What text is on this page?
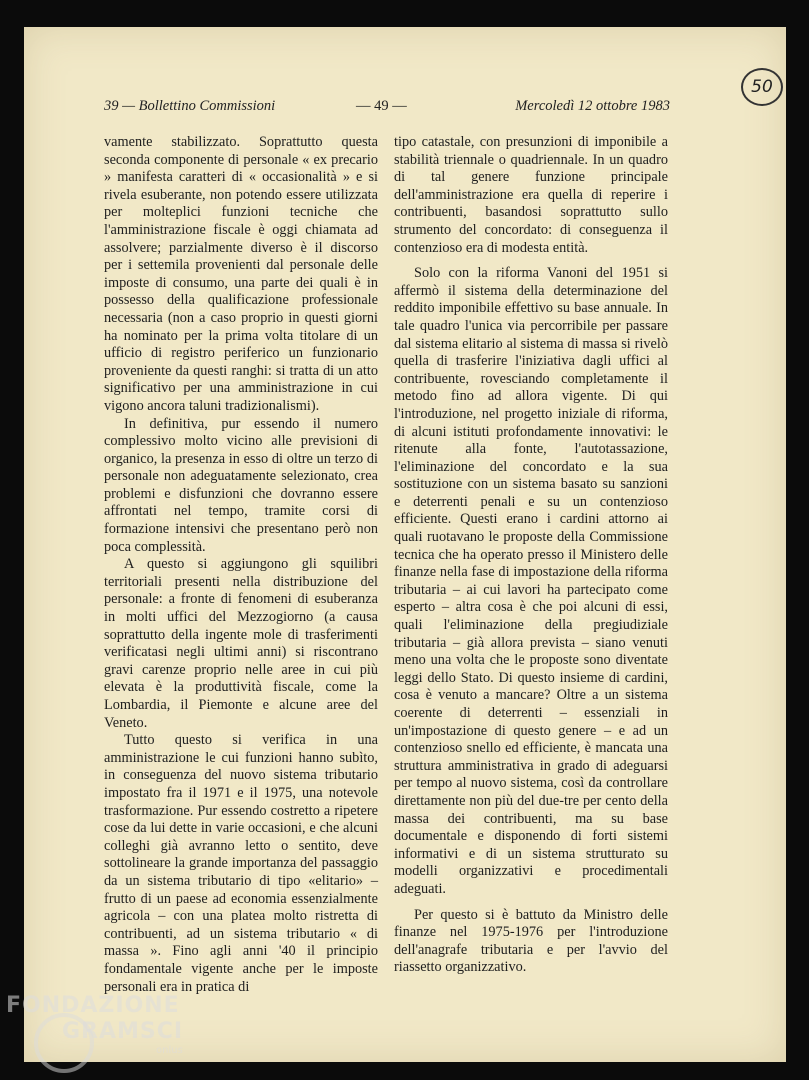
50
39 — Bollettino Commissioni	— 49 —	Mercoledì 12 ottobre 1983

vamente stabilizzato. Soprattutto questa seconda componente di personale « ex precario » manifesta caratteri di « occasionalità » e si rivela esuberante, non potendo essere utilizzata per molteplici funzioni tecniche che l'amministrazione fiscale è oggi chiamata ad assolvere; parzialmente diverso è il discorso per i settemila provenienti dal personale delle imposte di consumo, una parte dei quali è in possesso della qualificazione professionale necessaria (non a caso proprio in questi giorni ha nominato per la prima volta titolare di un ufficio di registro periferico un funzionario proveniente da questi ranghi: si tratta di un atto significativo per una amministrazione in cui vigono ancora taluni tradizionalismi).

In definitiva, pur essendo il numero complessivo molto vicino alle previsioni di organico, la presenza in esso di oltre un terzo di personale non adeguatamente selezionato, crea problemi e disfunzioni che dovranno essere affrontati nel tempo, tramite corsi di formazione intensivi che presentano però non poca complessità.

A questo si aggiungono gli squilibri territoriali presenti nella distribuzione del personale: a fronte di fenomeni di esuberanza in molti uffici del Mezzogiorno (a causa soprattutto della ingente mole di trasferimenti verificatasi negli ultimi anni) si riscontrano gravi carenze proprio nelle aree in cui più elevata è la produttività fiscale, come la Lombardia, il Piemonte e alcune aree del Veneto.

Tutto questo si verifica in una amministrazione le cui funzioni hanno subìto, in conseguenza del nuovo sistema tributario impostato fra il 1971 e il 1975, una notevole trasformazione. Pur essendo costretto a ripetere cose da lui dette in varie occasioni, e che alcuni colleghi già avranno letto o sentito, deve sottolineare la grande importanza del passaggio da un sistema tributario di tipo «elitario» – frutto di un paese ad economia essenzialmente agricola – con una platea molto ristretta di contribuenti, ad un sistema tributario « di massa ». Fino agli anni '40 il principio fondamentale vigente anche per le imposte personali era in pratica di

tipo catastale, con presunzioni di imponibile a stabilità triennale o quadriennale. In un quadro di tal genere funzione principale dell'amministrazione era quella di reperire i contribuenti, basandosi soprattutto sullo strumento del concordato: di conseguenza il contenzioso era di modesta entità.

Solo con la riforma Vanoni del 1951 si affermò il sistema della determinazione del reddito imponibile effettivo su base annuale. In tale quadro l'unica via percorribile per passare dal sistema elitario al sistema di massa si rivelò quella di trasferire l'iniziativa dagli uffici al contribuente, rovesciando completamente il metodo fino ad allora vigente. Di qui l'introduzione, nel progetto iniziale di riforma, di alcuni istituti profondamente innovativi: le ritenute alla fonte, l'autotassazione, l'eliminazione del concordato e la sua sostituzione con un sistema basato su sanzioni e deterrenti penali e su un contenzioso efficiente. Questi erano i cardini attorno ai quali ruotavano le proposte della Commissione tecnica che ha operato presso il Ministero delle finanze nella fase di impostazione della riforma tributaria – ai cui lavori ha partecipato come esperto – altra cosa è che poi alcuni di essi, quali l'eliminazione della pregiudiziale tributaria – già allora prevista – siano venuti meno una volta che le proposte sono diventate leggi dello Stato. Di questo insieme di cardini, cosa è venuto a mancare? Oltre a un sistema coerente di deterrenti – essenziali in un'impostazione di questo genere – e ad un contenzioso snello ed efficiente, è mancata una struttura amministrativa in grado di adeguarsi per tempo al nuovo sistema, così da controllare direttamente non più del due-tre per cento della massa dei contribuenti, ma su base documentale e disponendo di forti sistemi informativi e di un sistema strutturato su modelli organizzativi e procedimentali adeguati.

Per questo si è battuto da Ministro delle finanze nel 1975-1976 per l'introduzione dell'anagrafe tributaria e per l'avvio del riassetto organizzativo.

FONDAZIONE
GRAMSCI
onlus
